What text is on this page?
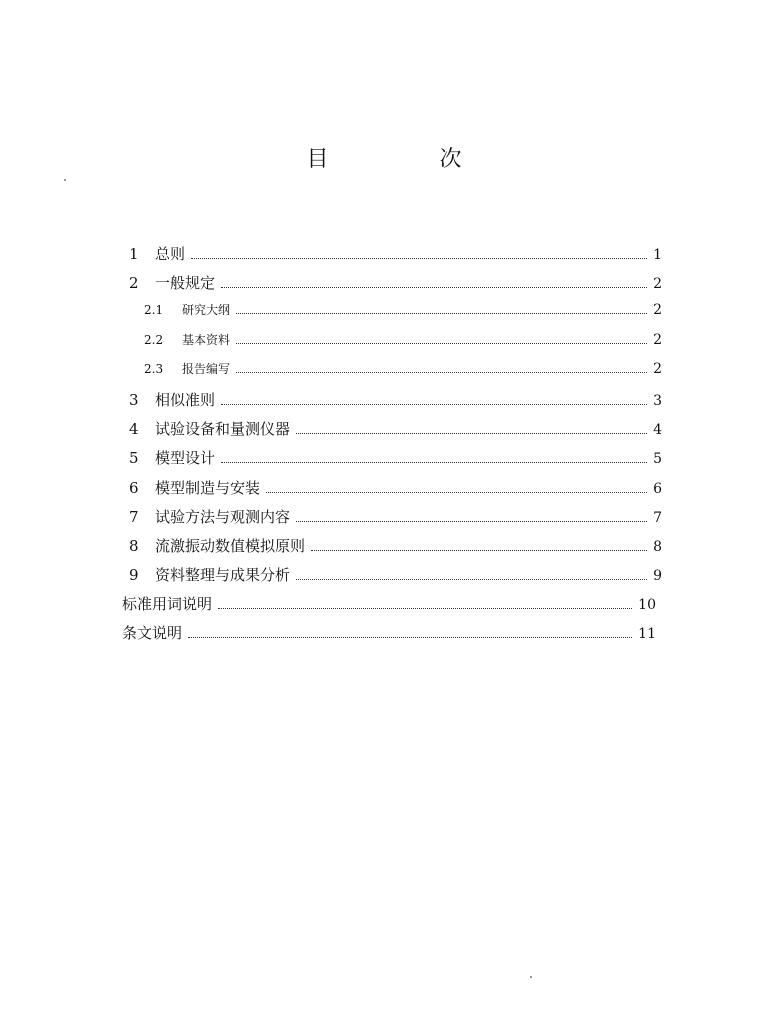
目 次
1	总则	1
2	一般规定	2
2.1	研究大纲	2
2.2	基本资料	2
2.3	报告编写	2
3	相似准则	3
4	试验设备和量测仪器	4
5	模型设计	5
6	模型制造与安装	6
7	试验方法与观测内容	7
8	流激振动数值模拟原则	8
9	资料整理与成果分析	9
标准用词说明	10
条文说明	11
